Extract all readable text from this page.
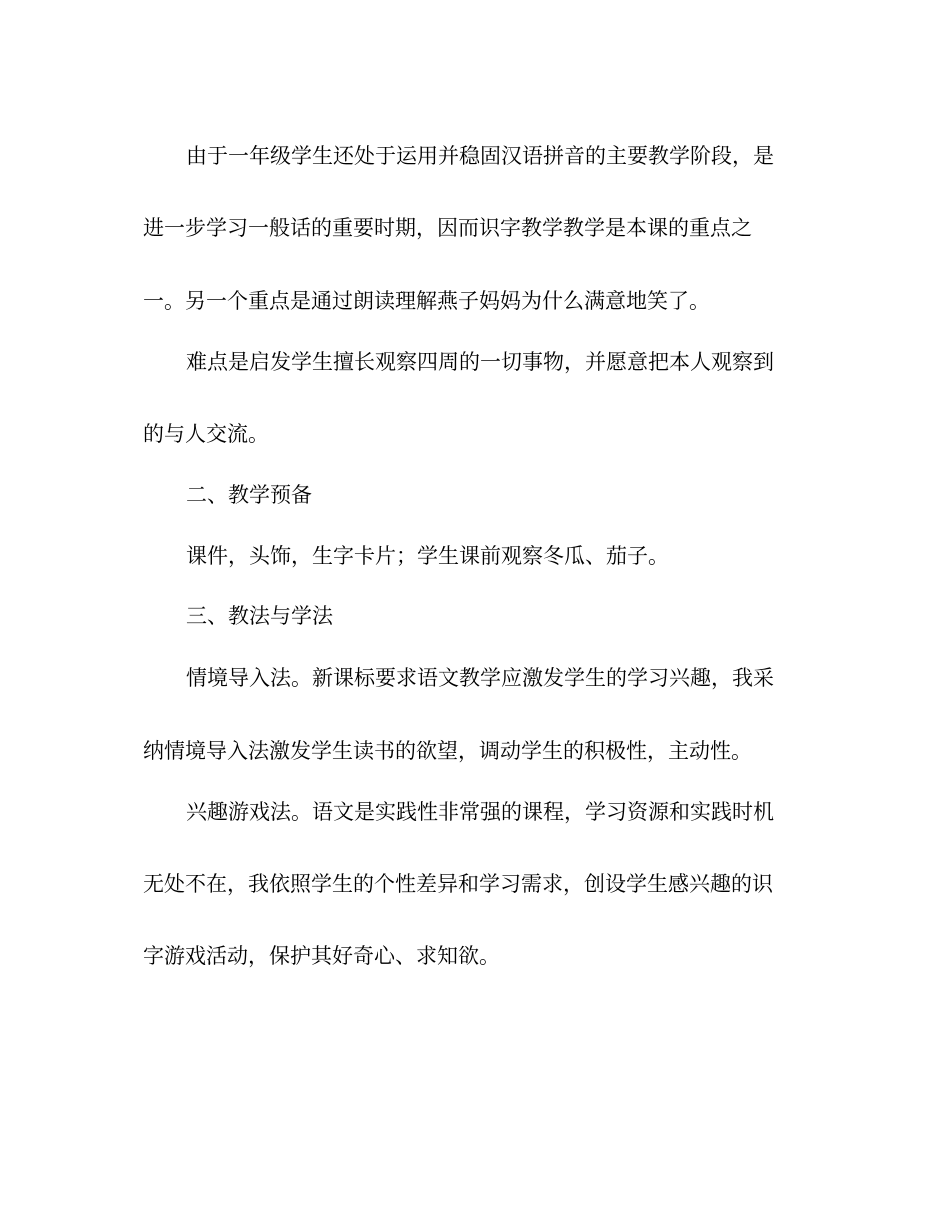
由于一年级学生还处于运用并稳固汉语拼音的主要教学阶段，是
进一步学习一般话的重要时期，因而识字教学教学是本课的重点之
一。另一个重点是通过朗读理解燕子妈妈为什么满意地笑了。
难点是启发学生擅长观察四周的一切事物，并愿意把本人观察到
的与人交流。
二、教学预备
课件，头饰，生字卡片；学生课前观察冬瓜、茄子。
三、教法与学法
情境导入法。新课标要求语文教学应激发学生的学习兴趣，我采
纳情境导入法激发学生读书的欲望，调动学生的积极性，主动性。
兴趣游戏法。语文是实践性非常强的课程，学习资源和实践时机
无处不在，我依照学生的个性差异和学习需求，创设学生感兴趣的识
字游戏活动，保护其好奇心、求知欲。
